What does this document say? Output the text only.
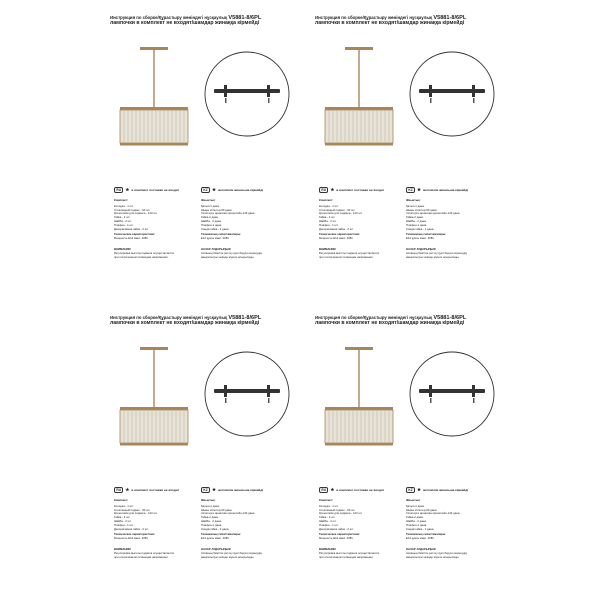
Инструкция по сборке/Құрастыру жөніндегі нұсқаулық V5881-8/6PL
лампочки в комплект не входят/шамдар жинаққа кірмейді
RU ★ в комплект поставки не входит	KZ ★ жеткізілім жинағына кірмейді
Комплект:
Колодка - 1 шт.
Стеклянный подвес - 60 шт.
Кронштейн для подвеса - 143 шт.
Гайка - 2 шт.
Шайба - 2 шт.
Плафон - 1 шт.
Декоративная гайка - 2 шт.
Технические характеристики:
Мощность Е14 макс. 40Вт.
ВНИМАНИЕ!
Регулировка высоты подвеса осуществляется
при отключенном питающем напряжении.
Жиынтық:
Қалып-1 дана.
Шыны ілгіштер-60 дана
Ілгіштерге арналған кронштейн-143 дана
Гайка-2 дана.
Шайба - 2 дана.
Плафон-1 дана.
Сәндік гайка - 2 дана.
Техникалық сипаттамалары:
Е14 қуаты макс. 40Вт.
НАЗАР АУДАРЫҢЫЗ!
Аспаның биіктігін реттеу қуат беруші кернеудің
ажыратылуы кезінде жүзеге асырылады.
Инструкция по сборке/Құрастыру жөніндегі нұсқаулық V5881-8/6PL
лампочки в комплект не входят/шамдар жинаққа кірмейді
RU ★ в комплект поставки не входит	KZ ★ жеткізілім жинағына кірмейді
Комплект:
Колодка - 1 шт.
Стеклянный подвес - 60 шт.
Кронштейн для подвеса - 143 шт.
Гайка - 2 шт.
Шайба - 2 шт.
Плафон - 1 шт.
Декоративная гайка - 2 шт.
Технические характеристики:
Мощность Е14 макс. 40Вт.
ВНИМАНИЕ!
Регулировка высоты подвеса осуществляется
при отключенном питающем напряжении.
Жиынтық:
Қалып-1 дана.
Шыны ілгіштер-60 дана
Ілгіштерге арналған кронштейн-143 дана
Гайка-2 дана.
Шайба - 2 дана.
Плафон-1 дана.
Сәндік гайка - 2 дана.
Техникалық сипаттамалары:
Е14 қуаты макс. 40Вт.
НАЗАР АУДАРЫҢЫЗ!
Аспаның биіктігін реттеу қуат беруші кернеудің
ажыратылуы кезінде жүзеге асырылады.
Инструкция по сборке/Құрастыру жөніндегі нұсқаулық V5881-8/6PL
лампочки в комплект не входят/шамдар жинаққа кірмейді
RU ★ в комплект поставки не входит	KZ ★ жеткізілім жинағына кірмейді
Комплект:
Колодка - 1 шт.
Стеклянный подвес - 60 шт.
Кронштейн для подвеса - 143 шт.
Гайка - 2 шт.
Шайба - 2 шт.
Плафон - 1 шт.
Декоративная гайка - 2 шт.
Технические характеристики:
Мощность Е14 макс. 40Вт.
ВНИМАНИЕ!
Регулировка высоты подвеса осуществляется
при отключенном питающем напряжении.
Жиынтық:
Қалып-1 дана.
Шыны ілгіштер-60 дана
Ілгіштерге арналған кронштейн-143 дана
Гайка-2 дана.
Шайба - 2 дана.
Плафон-1 дана.
Сәндік гайка - 2 дана.
Техникалық сипаттамалары:
Е14 қуаты макс. 40Вт.
НАЗАР АУДАРЫҢЫЗ!
Аспаның биіктігін реттеу қуат беруші кернеудің
ажыратылуы кезінде жүзеге асырылады.
Инструкция по сборке/Құрастыру жөніндегі нұсқаулық V5881-8/6PL
лампочки в комплект не входят/шамдар жинаққа кірмейді
RU ★ в комплект поставки не входит	KZ ★ жеткізілім жинағына кірмейді
Комплект:
Колодка - 1 шт.
Стеклянный подвес - 60 шт.
Кронштейн для подвеса - 143 шт.
Гайка - 2 шт.
Шайба - 2 шт.
Плафон - 1 шт.
Декоративная гайка - 2 шт.
Технические характеристики:
Мощность Е14 макс. 40Вт.
ВНИМАНИЕ!
Регулировка высоты подвеса осуществляется
при отключенном питающем напряжении.
Жиынтық:
Қалып-1 дана.
Шыны ілгіштер-60 дана
Ілгіштерге арналған кронштейн-143 дана
Гайка-2 дана.
Шайба - 2 дана.
Плафон-1 дана.
Сәндік гайка - 2 дана.
Техникалық сипаттамалары:
Е14 қуаты макс. 40Вт.
НАЗАР АУДАРЫҢЫЗ!
Аспаның биіктігін реттеу қуат беруші кернеудің
ажыратылуы кезінде жүзеге асырылады.
